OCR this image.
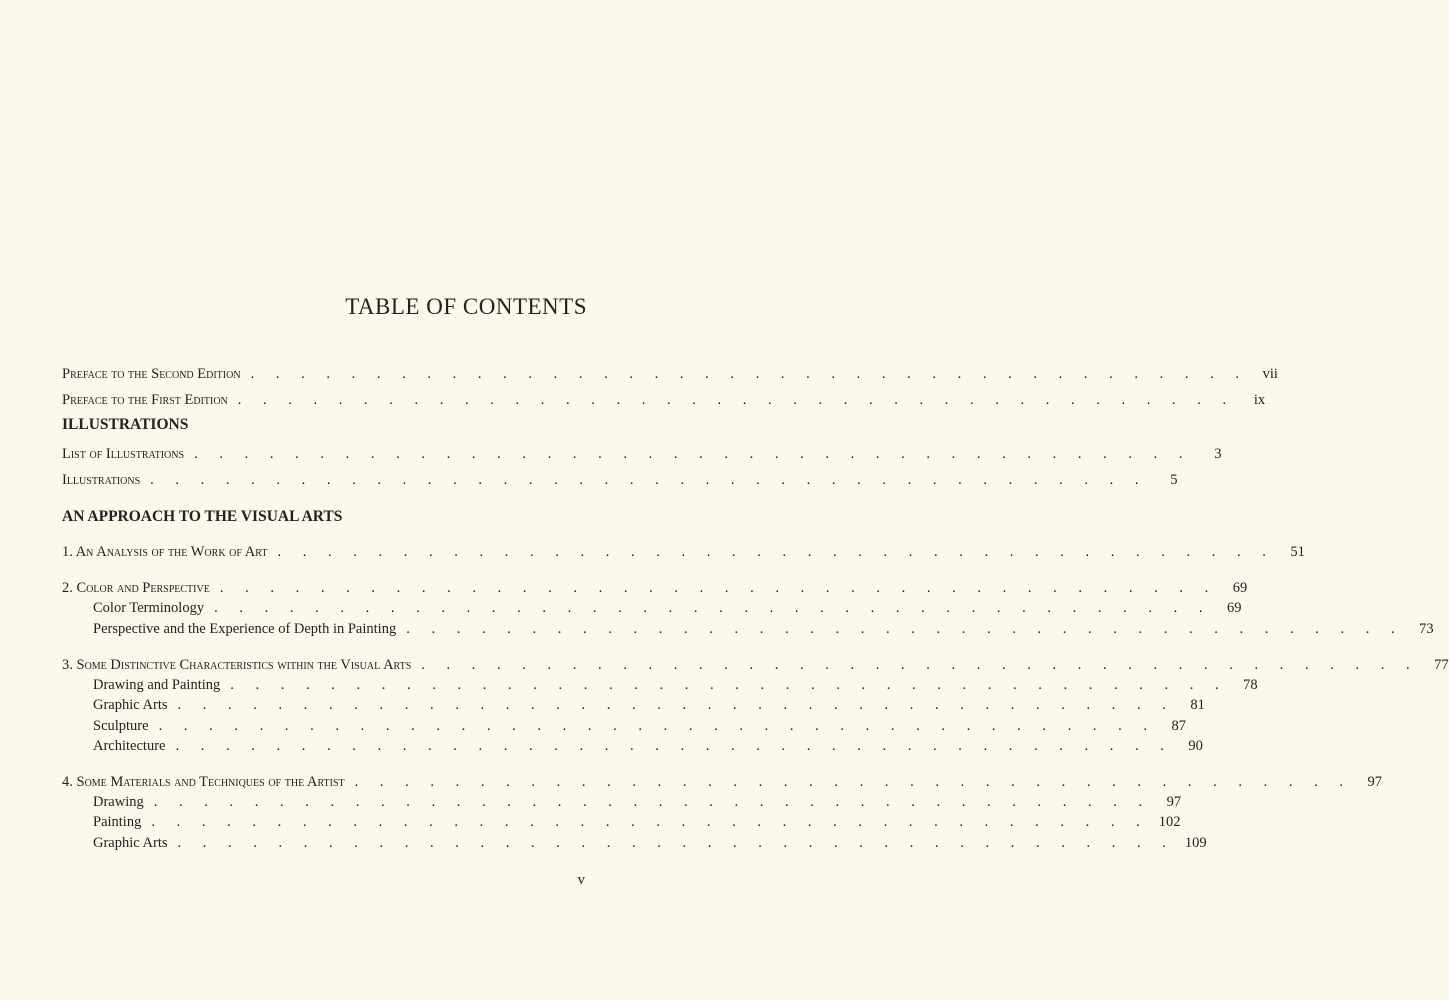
TABLE OF CONTENTS
Preface to the Second Edition . . . . . . . . . . . . . . . . . . . . . . . . . . . . . . . . . . . . . . . .	vii
Preface to the First Edition . . . . . . . . . . . . . . . . . . . . . . . . . . . . . . . . . . . . . . . .	ix
ILLUSTRATIONS
List of Illustrations . . . . . . . . . . . . . . . . . . . . . . . . . . . . . . . . . . . . . . . .	3
Illustrations . . . . . . . . . . . . . . . . . . . . . . . . . . . . . . . . . . . . . . . .	5
AN APPROACH TO THE VISUAL ARTS
1. An Analysis of the Work of Art . . . . . . . . . . . . . . . . . . . . . . . . . . . . . . . . . . . . . . . .	51
2. Color and Perspective . . . . . . . . . . . . . . . . . . . . . . . . . . . . . . . . . . . . . . . .	69
Color Terminology . . . . . . . . . . . . . . . . . . . . . . . . . . . . . . . . . . . . . . . .	69
Perspective and the Experience of Depth in Painting . . . . . . . . . . . . . . . . . . . . . . . . . . . . . . . . . . . . . . . .	73
3. Some Distinctive Characteristics within the Visual Arts . . . . . . . . . . . . . . . . . . . . . . . . . . . . . . . . . . . . . . . .	77
Drawing and Painting . . . . . . . . . . . . . . . . . . . . . . . . . . . . . . . . . . . . . . . .	78
Graphic Arts . . . . . . . . . . . . . . . . . . . . . . . . . . . . . . . . . . . . . . . .	81
Sculpture . . . . . . . . . . . . . . . . . . . . . . . . . . . . . . . . . . . . . . . .	87
Architecture . . . . . . . . . . . . . . . . . . . . . . . . . . . . . . . . . . . . . . . .	90
4. Some Materials and Techniques of the Artist . . . . . . . . . . . . . . . . . . . . . . . . . . . . . . . . . . . . . . . .	97
Drawing . . . . . . . . . . . . . . . . . . . . . . . . . . . . . . . . . . . . . . . .	97
Painting . . . . . . . . . . . . . . . . . . . . . . . . . . . . . . . . . . . . . . . . 102
Graphic Arts . . . . . . . . . . . . . . . . . . . . . . . . . . . . . . . . . . . . . . . . 109
v
